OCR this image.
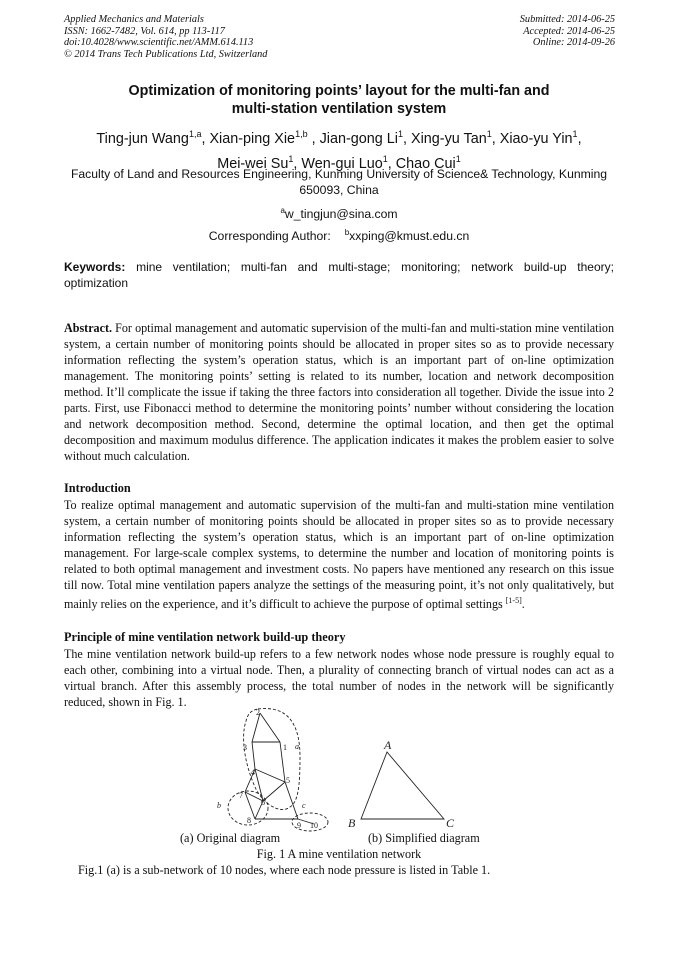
Applied Mechanics and Materials
ISSN: 1662-7482, Vol. 614, pp 113-117
doi:10.4028/www.scientific.net/AMM.614.113
© 2014 Trans Tech Publications Ltd, Switzerland
Submitted: 2014-06-25
Accepted: 2014-06-25
Online: 2014-09-26
Optimization of monitoring points’ layout for the multi-fan and
multi-station ventilation system
Ting-jun Wang$^{1,a}$, Xian-ping Xie$^{1,b}$ , Jian-gong Li$^1$, Xing-yu Tan$^1$, Xiao-yu Yin$^1$,
Mei-wei Su$^1$, Wen-gui Luo$^1$, Chao Cui$^1$
Faculty of Land and Resources Engineering, Kunming University of Science& Technology, Kunming
650093, China
$^a$w_tingjun@sina.com
Corresponding Author: $^b$xxping@kmust.edu.cn
Keywords: mine ventilation; multi-fan and multi-stage; monitoring; network build-up theory; optimization

Abstract. For optimal management and automatic supervision of the multi-fan and multi-station mine ventilation system, a certain number of monitoring points should be allocated in proper sites so as to provide necessary information reflecting the system’s operation status, which is an important part of on-line optimization management. The monitoring points’ setting is related to its number, location and network decomposition method. It’ll complicate the issue if taking the three factors into consideration all together. Divide the issue into 2 parts. First, use Fibonacci method to determine the monitoring points’ number without considering the location and network decomposition method. Second, determine the optimal location, and then get the optimal decomposition and maximum modulus difference. The application indicates it makes the problem easier to solve without much calculation.

Introduction

To realize optimal management and automatic supervision of the multi-fan and multi-station mine ventilation system, a certain number of monitoring points should be allocated in proper sites so as to provide necessary information reflecting the system’s operation status, which is an important part of on-line optimization management. For large-scale complex systems, to determine the number and location of monitoring points is related to both optimal management and investment costs. No papers have mentioned any research on this issue till now. Total mine ventilation papers analyze the settings of the measuring point, it’s not only qualitatively, but mainly relies on the experience, and it’s difficult to achieve the purpose of optimal settings [1-5].

Principle of mine ventilation network build-up theory

The mine ventilation network build-up refers to a few network nodes whose node pressure is roughly equal to each other, combining into a virtual node. Then, a plurality of connecting branch of virtual nodes can act as a virtual branch. After this assembly process, the total number of nodes in the network will be significantly reduced, shown in Fig. 1.

2
3	1
4
5
6
7
8
9 10
a
b	c
A
B	C
(a) Original diagram	(b) Simplified diagram
Fig. 1 A mine ventilation network
Fig.1 (a) is a sub-network of 10 nodes, where each node pressure is listed in Table 1.
